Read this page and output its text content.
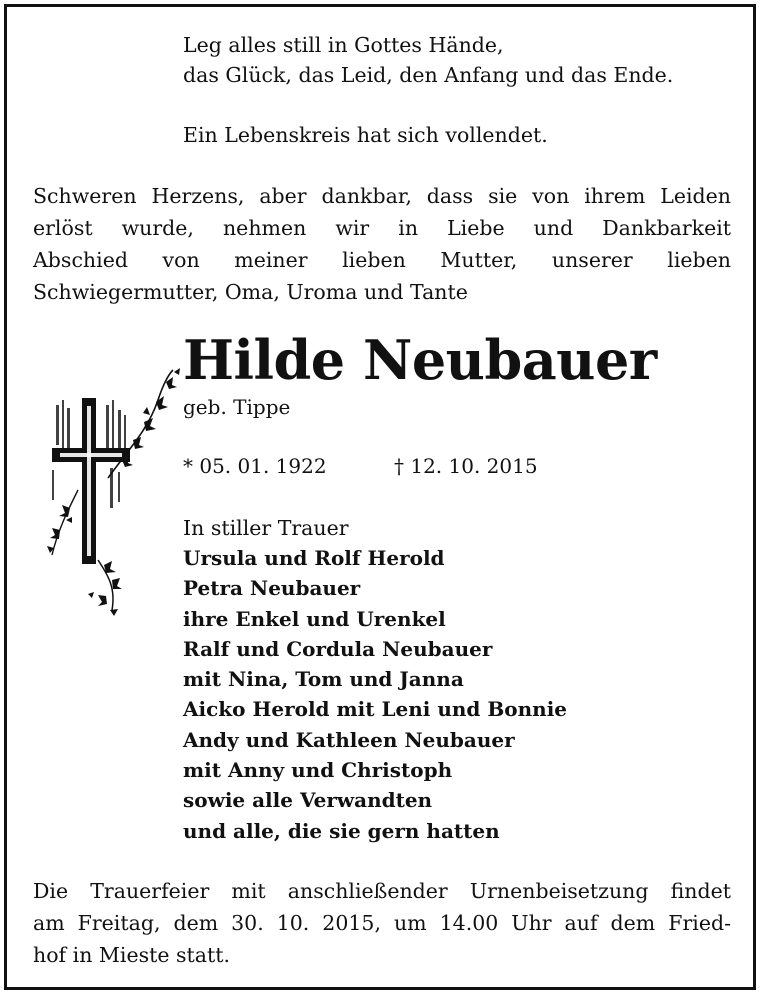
Leg alles still in Gottes Hände,
das Glück, das Leid, den Anfang und das Ende.

Ein Lebenskreis hat sich vollendet.
Schweren Herzens, aber dankbar, dass sie von ihrem Leiden
erlöst wurde, nehmen wir in Liebe und Dankbarkeit
Abschied von meiner lieben Mutter, unserer lieben
Schwiegermutter, Oma, Uroma und Tante
Hilde Neubauer
geb. Tippe
* 05. 01. 1922	† 12. 10. 2015
In stiller Trauer
Ursula und Rolf Herold
Petra Neubauer
ihre Enkel und Urenkel
Ralf und Cordula Neubauer
mit Nina, Tom und Janna
Aicko Herold mit Leni und Bonnie
Andy und Kathleen Neubauer
mit Anny und Christoph
sowie alle Verwandten
und alle, die sie gern hatten
Die Trauerfeier mit anschließender Urnenbeisetzung findet
am Freitag, dem 30. 10. 2015, um 14.00 Uhr auf dem Fried-
hof in Mieste statt.
